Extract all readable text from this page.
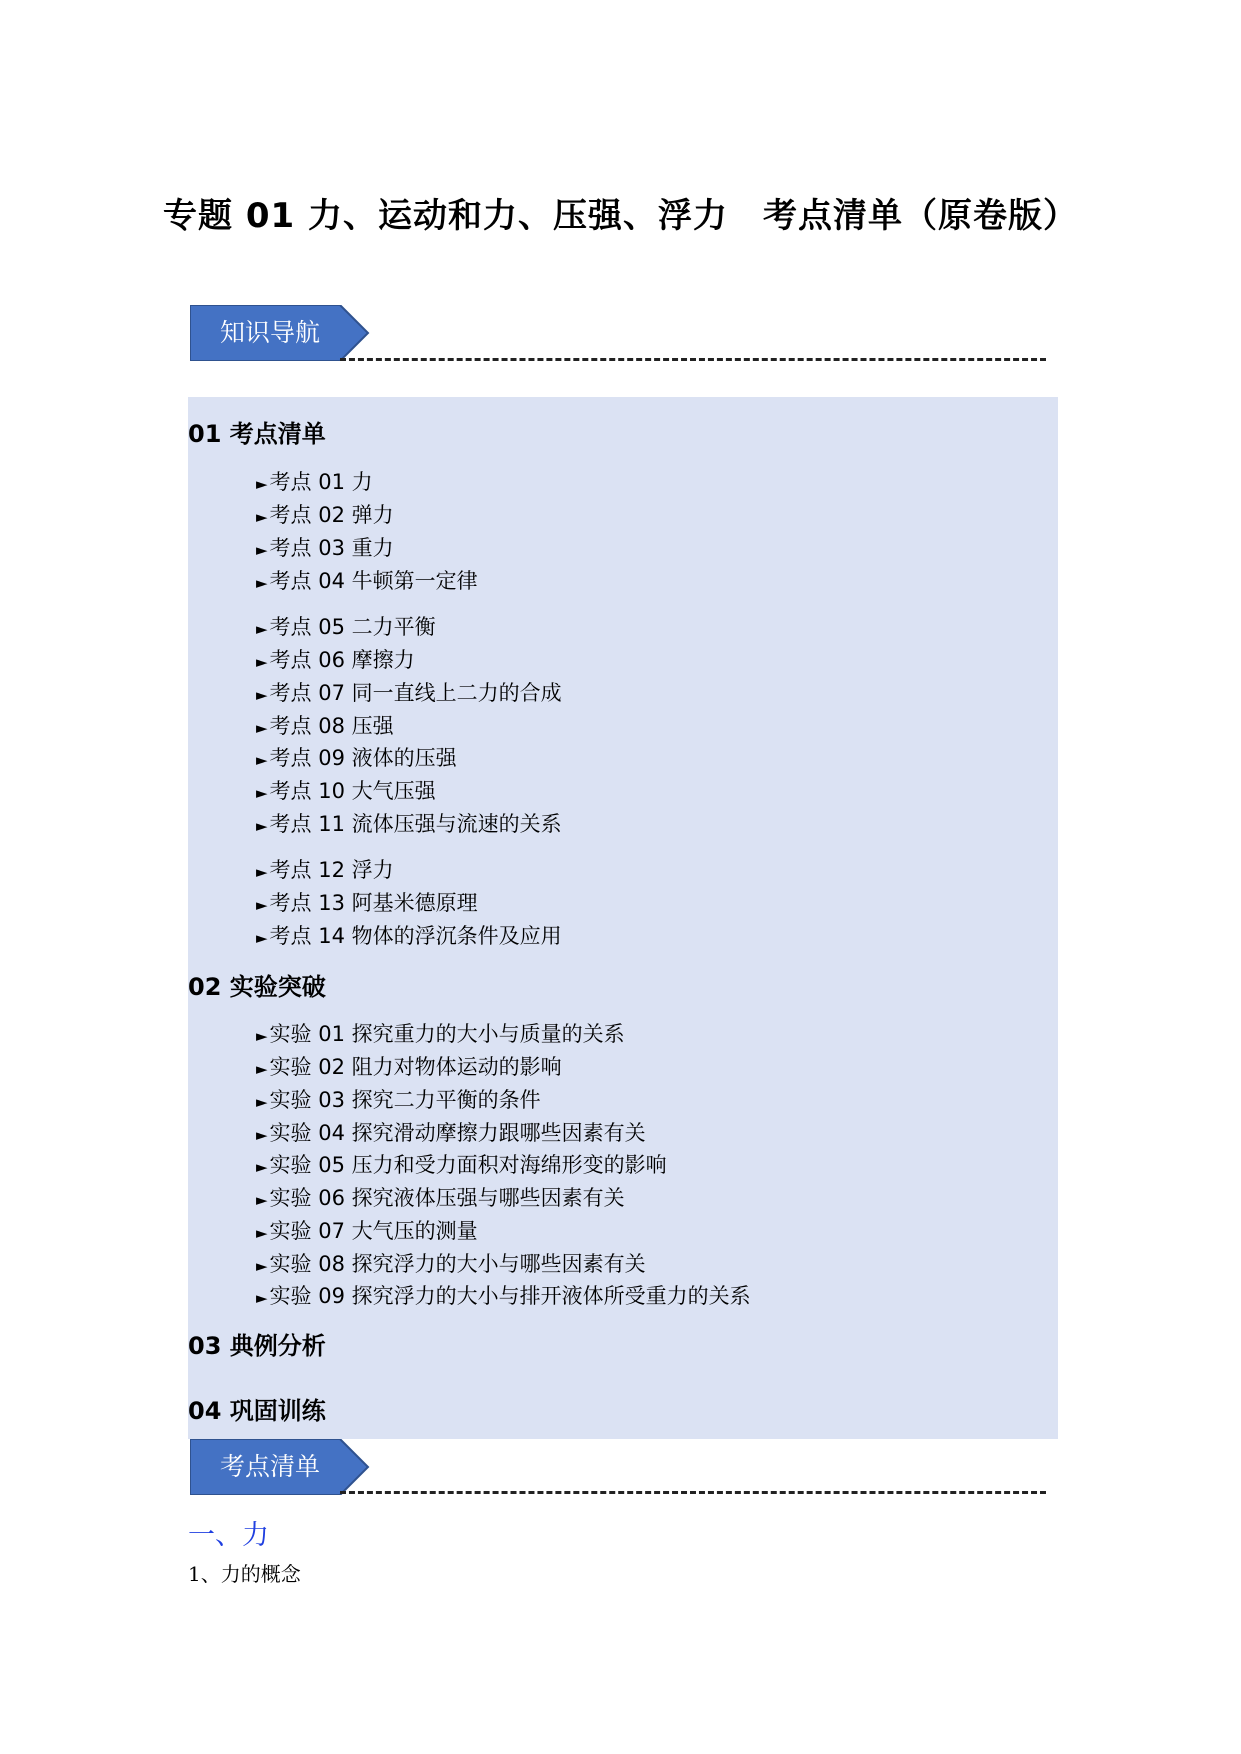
专题 01 力、运动和力、压强、浮力　考点清单（原卷版）
知识导航
01 考点清单
►考点 01 力
►考点 02 弹力
►考点 03 重力
►考点 04 牛顿第一定律
►考点 05 二力平衡
►考点 06 摩擦力
►考点 07 同一直线上二力的合成
►考点 08 压强
►考点 09 液体的压强
►考点 10 大气压强
►考点 11 流体压强与流速的关系
►考点 12 浮力
►考点 13 阿基米德原理
►考点 14 物体的浮沉条件及应用
02 实验突破
►实验 01 探究重力的大小与质量的关系
►实验 02 阻力对物体运动的影响
►实验 03 探究二力平衡的条件
►实验 04 探究滑动摩擦力跟哪些因素有关
►实验 05 压力和受力面积对海绵形变的影响
►实验 06 探究液体压强与哪些因素有关
►实验 07 大气压的测量
►实验 08 探究浮力的大小与哪些因素有关
►实验 09 探究浮力的大小与排开液体所受重力的关系
03 典例分析
04 巩固训练
考点清单
一、力
1、力的概念
